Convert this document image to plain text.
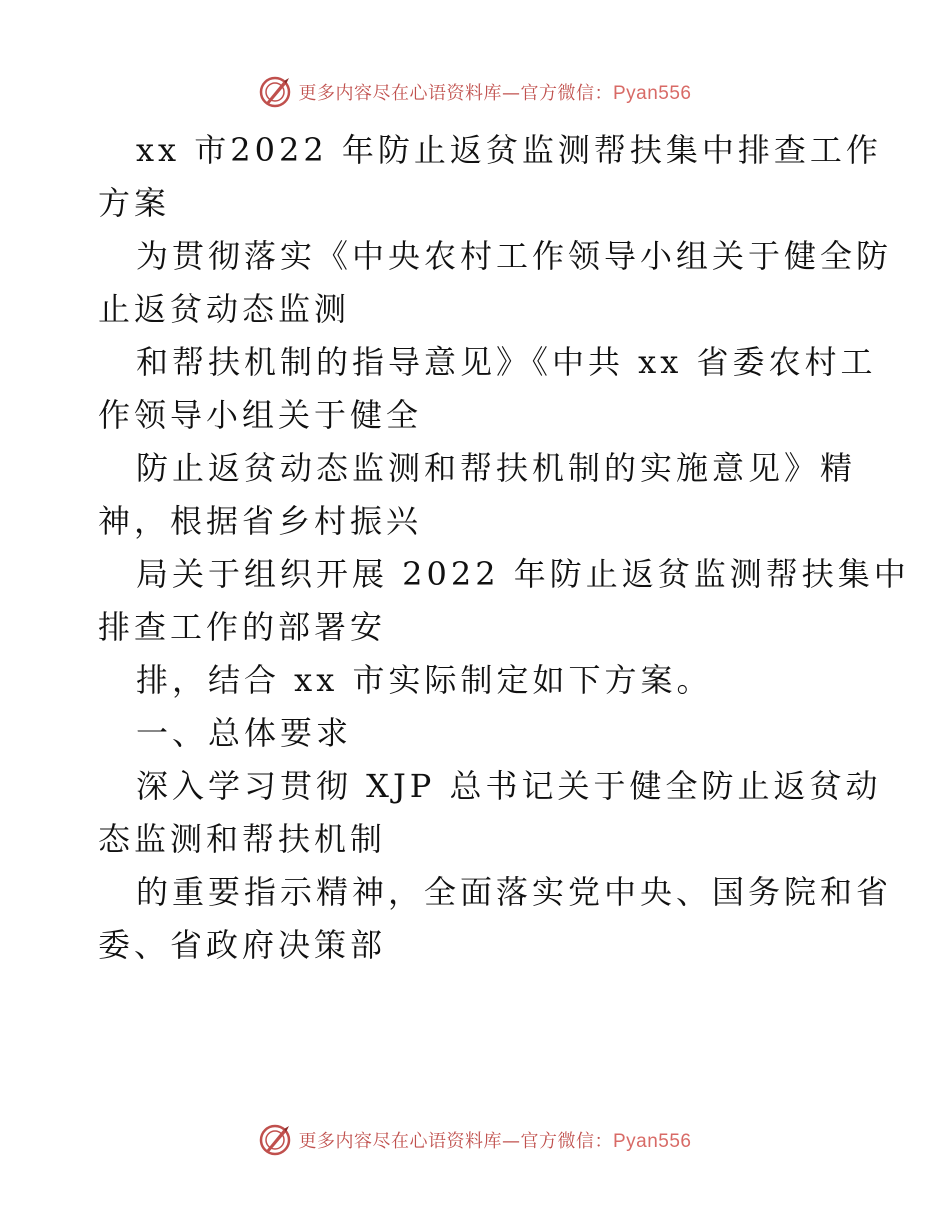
更多内容尽在心语资料库—官方微信：Pyan556
xx 市2022 年防止返贫监测帮扶集中排查工作
方案
为贯彻落实《中央农村工作领导小组关于健全防
止返贫动态监测
和帮扶机制的指导意见》《中共 xx 省委农村工
作领导小组关于健全
防止返贫动态监测和帮扶机制的实施意见》精
神，根据省乡村振兴
局关于组织开展 2022 年防止返贫监测帮扶集中
排查工作的部署安
排，结合 xx 市实际制定如下方案。
一、总体要求
深入学习贯彻 XJP 总书记关于健全防止返贫动
态监测和帮扶机制
的重要指示精神，全面落实党中央、国务院和省
委、省政府决策部
更多内容尽在心语资料库—官方微信：Pyan556
